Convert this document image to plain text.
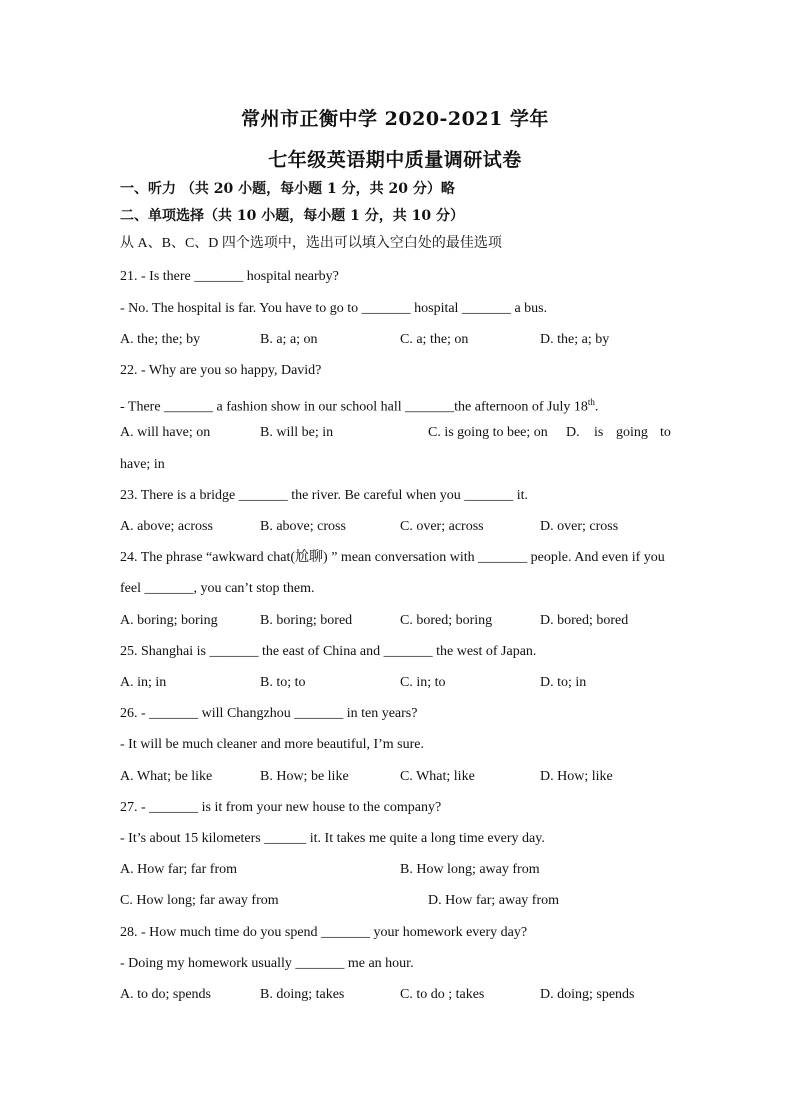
常州市正衡中学 2020-2021 学年
七年级英语期中质量调研试卷
一、听力 （共 20 小题，每小题 1 分，共 20 分）略
二、单项选择（共 10 小题，每小题 1 分，共 10 分）
从 A、B、C、D 四个选项中，选出可以填入空白处的最佳选项
21. - Is there _______ hospital nearby?
- No. The hospital is far. You have to go to _______ hospital _______ a bus.
A. the; the; by	B. a; a; on	C. a; the; on	D. the; a; by
22. - Why are you so happy, David?
- There _______ a fashion show in our school hall _______the afternoon of July 18th.
A. will have; on	B. will be; in	C. is going to bee; on D. is going to
have; in
23. There is a bridge _______ the river. Be careful when you _______ it.
A. above; across	B. above; cross	C. over; across	D. over; cross
24. The phrase “awkward chat(尬聊) ” mean conversation with _______ people. And even if you
feel _______, you can’t stop them.
A. boring; boring	B. boring; bored	C. bored; boring	D. bored; bored
25. Shanghai is _______ the east of China and _______ the west of Japan.
A. in; in	B. to; to	C. in; to	D. to; in
26. - _______ will Changzhou _______ in ten years?
- It will be much cleaner and more beautiful, I’m sure.
A. What; be like	B. How; be like	C. What; like	D. How; like
27. - _______ is it from your new house to the company?
- It’s about 15 kilometers ______ it. It takes me quite a long time every day.
A. How far; far from	B. How long; away from
C. How long; far away from	D. How far; away from
28. - How much time do you spend _______ your homework every day?
- Doing my homework usually _______ me an hour.
A. to do; spends	B. doing; takes	C. to do ; takes	D. doing; spends
